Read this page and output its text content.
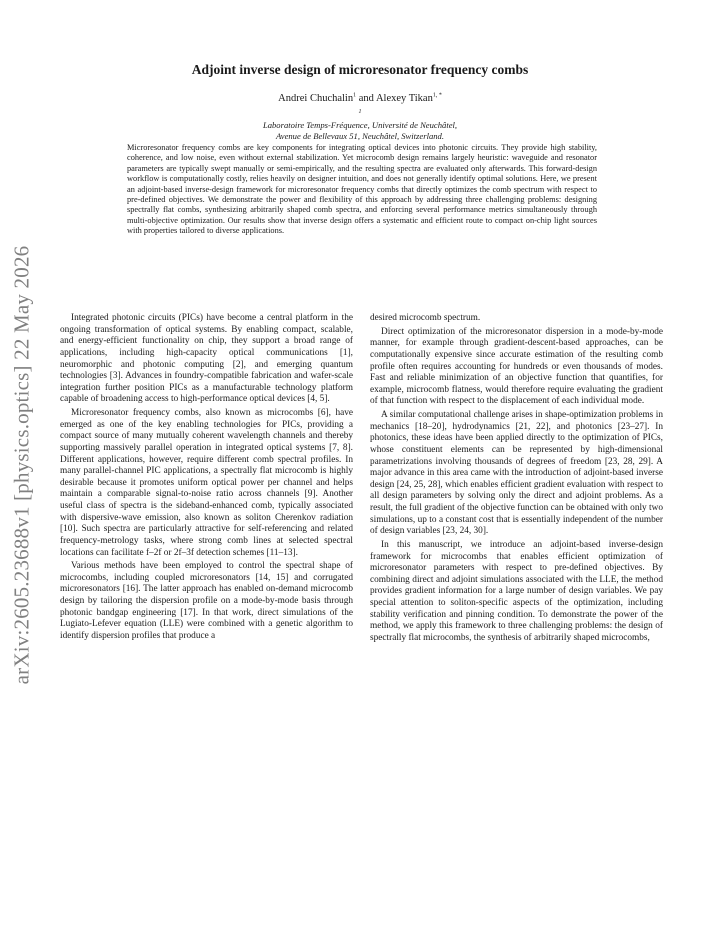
arXiv:2605.23688v1 [physics.optics] 22 May 2026
Adjoint inverse design of microresonator frequency combs
Andrei Chuchalin$^1$ and Alexey Tikan$^{1, *}$
$^1$
Laboratoire Temps-Fréquence, Université de Neuchâtel,
Avenue de Bellevaux 51, Neuchâtel, Switzerland.
Microresonator frequency combs are key components for integrating optical devices into photonic circuits. They provide high stability, coherence, and low noise, even without external stabilization. Yet microcomb design remains largely heuristic: waveguide and resonator parameters are typically swept manually or semi-empirically, and the resulting spectra are evaluated only afterwards. This forward-design workflow is computationally costly, relies heavily on designer intuition, and does not generally identify optimal solutions. Here, we present an adjoint-based inverse-design framework for microresonator frequency combs that directly optimizes the comb spectrum with respect to pre-defined objectives. We demonstrate the power and flexibility of this approach by addressing three challenging problems: designing spectrally flat combs, synthesizing arbitrarily shaped comb spectra, and enforcing several performance metrics simultaneously through multi-objective optimization. Our results show that inverse design offers a systematic and efficient route to compact on-chip light sources with properties tailored to diverse applications.

Integrated photonic circuits (PICs) have become a central platform in the ongoing transformation of optical systems. By enabling compact, scalable, and energy-efficient functionality on chip, they support a broad range of applications, including high-capacity optical communications [1], neuromorphic and photonic computing [2], and emerging quantum technologies [3]. Advances in foundry-compatible fabrication and wafer-scale integration further position PICs as a manufacturable technology platform capable of broadening access to high-performance optical devices [4, 5].

Microresonator frequency combs, also known as microcombs [6], have emerged as one of the key enabling technologies for PICs, providing a compact source of many mutually coherent wavelength channels and thereby supporting massively parallel operation in integrated optical systems [7, 8]. Different applications, however, require different comb spectral profiles. In many parallel-channel PIC applications, a spectrally flat microcomb is highly desirable because it promotes uniform optical power per channel and helps maintain a comparable signal-to-noise ratio across channels [9]. Another useful class of spectra is the sideband-enhanced comb, typically associated with dispersive-wave emission, also known as soliton Cherenkov radiation [10]. Such spectra are particularly attractive for self-referencing and related frequency-metrology tasks, where strong comb lines at selected spectral locations can facilitate f–2f or 2f–3f detection schemes [11–13].

Various methods have been employed to control the spectral shape of microcombs, including coupled microresonators [14, 15] and corrugated microresonators [16]. The latter approach has enabled on-demand microcomb design by tailoring the dispersion profile on a mode-by-mode basis through photonic bandgap engineering [17]. In that work, direct simulations of the Lugiato-Lefever equation (LLE) were combined with a genetic algorithm to identify dispersion profiles that produce a

desired microcomb spectrum.

Direct optimization of the microresonator dispersion in a mode-by-mode manner, for example through gradient-descent-based approaches, can be computationally expensive since accurate estimation of the resulting comb profile often requires accounting for hundreds or even thousands of modes. Fast and reliable minimization of an objective function that quantifies, for example, microcomb flatness, would therefore require evaluating the gradient of that function with respect to the displacement of each individual mode.

A similar computational challenge arises in shape-optimization problems in mechanics [18–20], hydrodynamics [21, 22], and photonics [23–27]. In photonics, these ideas have been applied directly to the optimization of PICs, whose constituent elements can be represented by high-dimensional parametrizations involving thousands of degrees of freedom [23, 28, 29]. A major advance in this area came with the introduction of adjoint-based inverse design [24, 25, 28], which enables efficient gradient evaluation with respect to all design parameters by solving only the direct and adjoint problems. As a result, the full gradient of the objective function can be obtained with only two simulations, up to a constant cost that is essentially independent of the number of design variables [23, 24, 30].

In this manuscript, we introduce an adjoint-based inverse-design framework for microcombs that enables efficient optimization of microresonator parameters with respect to pre-defined objectives. By combining direct and adjoint simulations associated with the LLE, the method provides gradient information for a large number of design variables. We pay special attention to soliton-specific aspects of the optimization, including stability verification and pinning condition. To demonstrate the power of the method, we apply this framework to three challenging problems: the design of spectrally flat microcombs, the synthesis of arbitrarily shaped microcombs,
